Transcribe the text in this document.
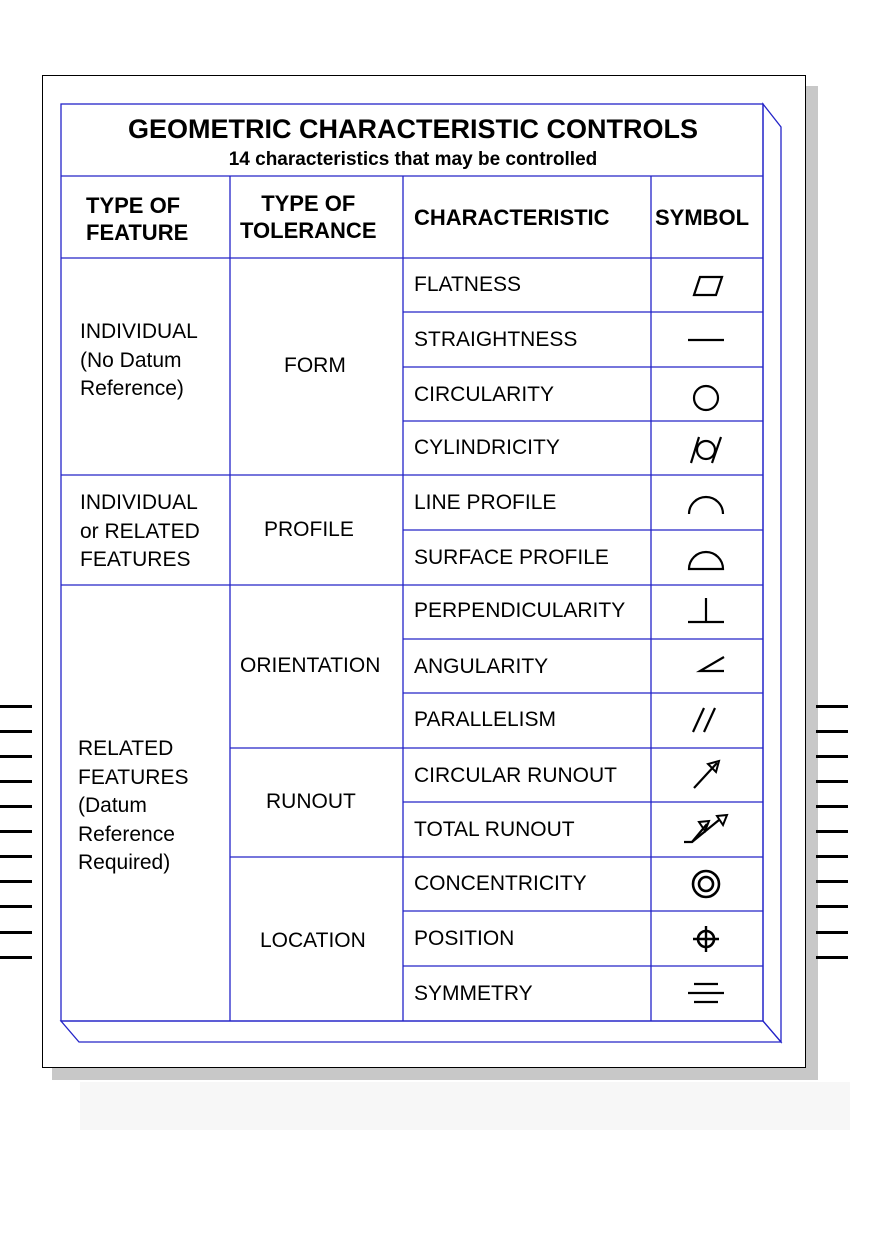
GEOMETRIC CHARACTERISTIC CONTROLS
14 characteristics that may be controlled
TYPE OF
FEATURE
TYPE OF
TOLERANCE
CHARACTERISTIC SYMBOL
INDIVIDUAL
(No Datum
Reference)
INDIVIDUAL
or RELATED
FEATURES
RELATED
FEATURES
(Datum
Reference
Required)
FORM
PROFILE
ORIENTATION
RUNOUT
LOCATION
FLATNESS
STRAIGHTNESS
CIRCULARITY
CYLINDRICITY
LINE PROFILE
SURFACE PROFILE
PERPENDICULARITY
ANGULARITY
PARALLELISM
CIRCULAR RUNOUT
TOTAL RUNOUT
CONCENTRICITY
POSITION
SYMMETRY
